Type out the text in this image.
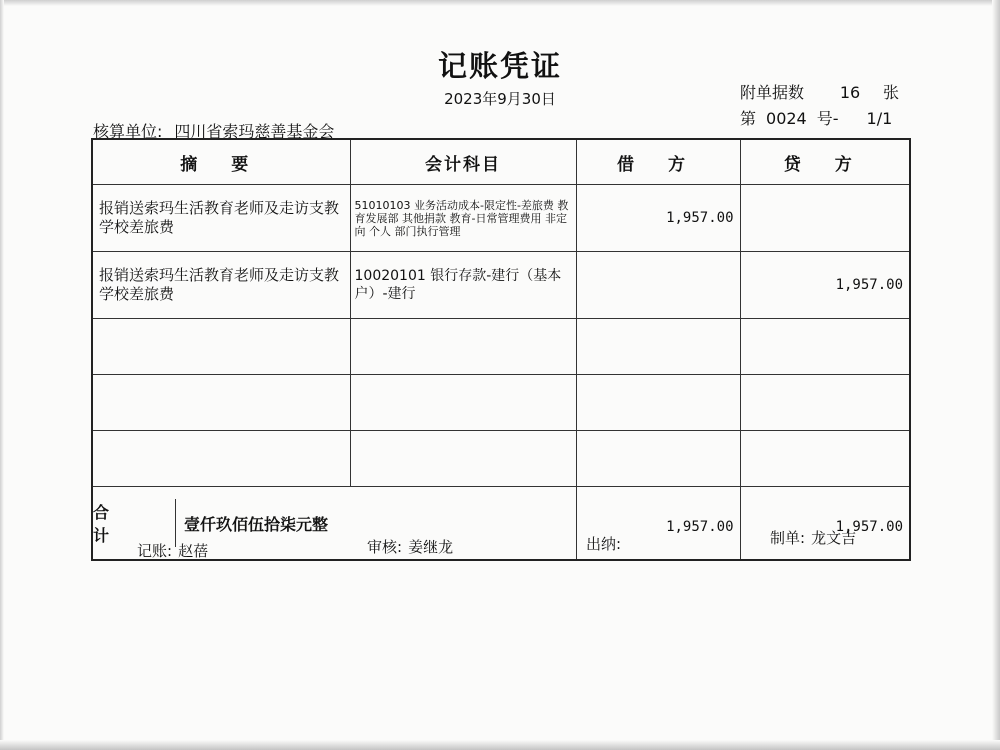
记账凭证
2023年9月30日	附单据数 16 张
第 0024 号- 1/1
核算单位: 四川省索玛慈善基金会
摘 要	会计科目	借 方	贷 方
报销送索玛生活教育老师及走访支教学校差旅费	51010103 业务活动成本-限定性-差旅费 教育发展部 其他捐款 教育-日常管理费用 非定向 个人 部门执行管理	1,957.00	
报销送索玛生活教育老师及走访支教学校差旅费	10020101 银行存款-建行（基本户）-建行		1,957.00

合 计
壹仟玖佰伍拾柒元整		1,957.00	1,957.00
记账: 赵蓓	审核: 姜继龙	出纳:	制单: 龙文吉
